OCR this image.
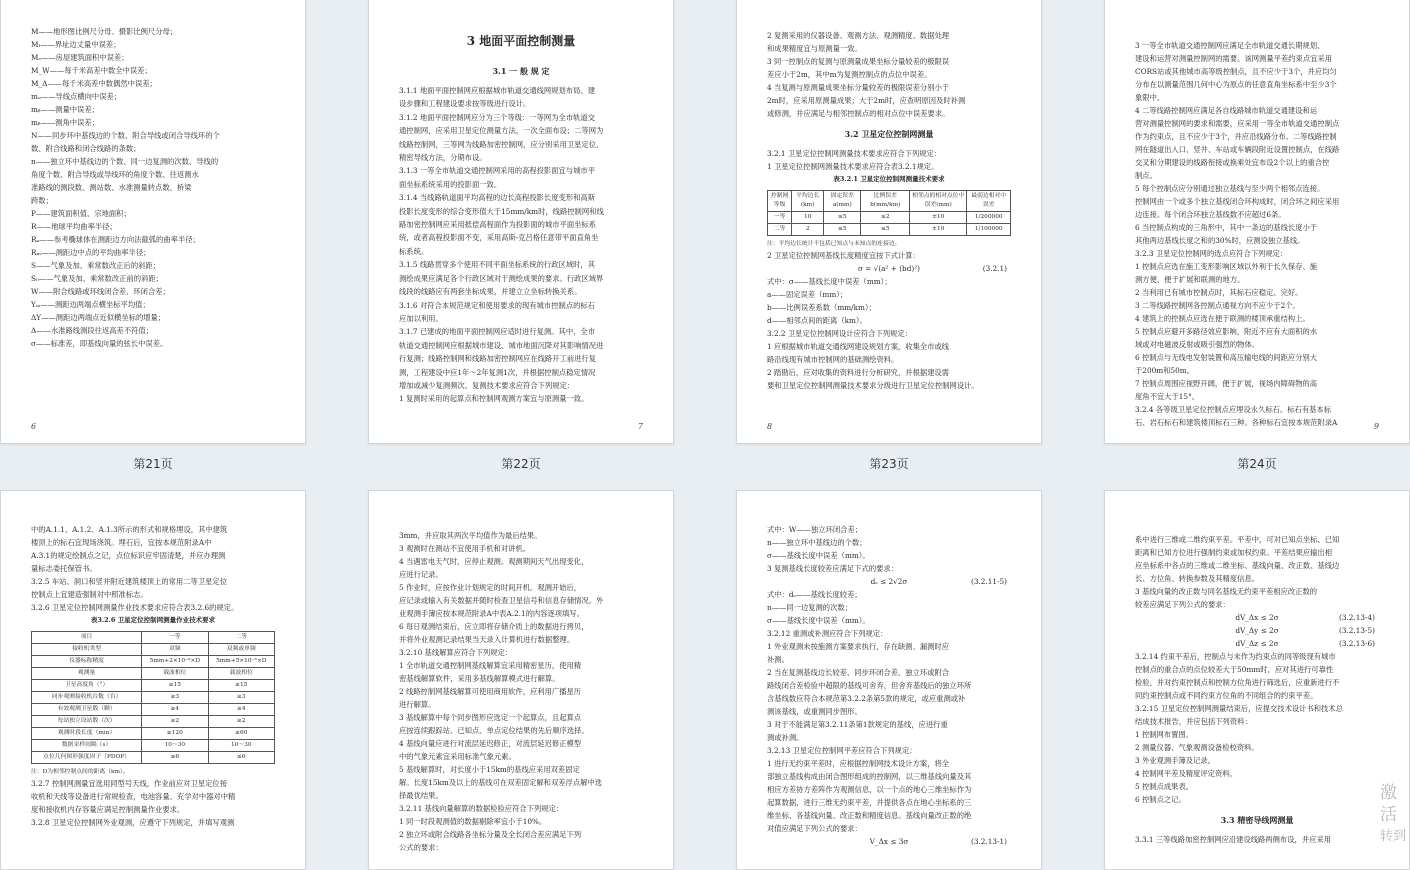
M——地形图比例尺分母、摄影比例尺分母；
Mₗ——界址边丈量中误差；
Mₛ——房屋建筑面积中误差；
M_W——每千米高差中数全中误差；
M_Δ——每千米高差中数偶然中误差；
mᵤ——导线点横向中误差；
mᵦ——测量中误差；
mᵦ——测角中误差；
N——同步环中基线边的个数、附合导线或闭合导线环的个
数、附合线路和闭合线路的条数；
n——独立环中基线边的个数、同一边复测的次数、导线的
角度个数、附合导线或导线环的角度个数、往返测水
准路线的测段数、测站数、水准测量转点数、桥梁
跨数；
P——建筑面积值、宗地面积；
R——地球平均曲率半径；
Rₐ——参考椭球体在测距边方向法截弧的曲率半径；
Rₘ——测距边中点的平均曲率半径；
S——气象及加、乘常数改正后的斜距；
S₀——气象及加、乘常数改正前的斜距；
W——附合线路或环线闭合差、环闭合差；
Yₘ——测距边两端点横坐标平均值；
ΔY——测距边两端点近似横坐标的增量；
Δ——水准路线测段往返高差不符值；
σ——标准差，即基线向量的弦长中误差。
6
第21页
3 地面平面控制测量
3.1 一 般 规 定
3.1.1 地面平面控制网应根据城市轨道交通线网规划布局、建
设步骤和工程建设要求按等级进行设计。
3.1.2 地面平面控制网应分为三个等级：一等网为全市轨道交
通控制网，应采用卫星定位测量方法，一次全面布设；二等网为
线路控制网，三等网为线路加密控制网，应分别采用卫星定位、
精密导线方法，分期布设。
3.1.3 一等全市轨道交通控制网采用的高程投影面宜与城市平
面坐标系统采用的投影面一致。
3.1.4 当线路轨道面平均高程的边长高程投影长度变形和高斯
投影长度变形的综合变形值大于15mm/km时，线路控制网和线
路加密控制网应采用抵偿高程面作为投影面的城市平面坐标系
统，或者高程投影面不变，采用高斯-克吕格任意带平面直角坐
标系统。
3.1.5 线路贯穿多个使用不同平面坐标系统的行政区域时，其
测绘成果应满足各个行政区域对于测绘成果的要求。行政区域界
线段的线路应有两套坐标成果，并建立立坐标转换关系。
3.1.6 对符合本规范规定和使用要求的现有城市控制点的标石
应加以利用。
3.1.7 已建成的地面平面控制网应适时进行复测。其中，全市
轨道交通控制网应根据城市建设、城市地面沉降对其影响情况进
行复测；线路控制网和线路加密控制网应在线路开工前进行复
测，工程建设中应1年～2年复测1次，并根据控制点稳定情况
增加或减少复测频次。复测技术要求应符合下列规定：
1 复测时采用的起算点和控制网观测方案宜与原测量一致。
7
第22页
2 复测采用的仪器设备、观测方法、观测精度、数据处理
和成果精度宜与原测量一致。
3 同一控制点的复测与原测量成果坐标分量较差的极限误
差应小于2m，其中m为复测控制点的点位中误差。
4 当复测与原测量成果坐标分量较差的极限误差分别小于
2m时，应采用原测量成果；大于2m时，应查明原因及时补测
或修测，并应满足与相邻控制点的相对点位中误差要求。
3.2 卫星定位控制网测量
3.2.1 卫星定位控制网测量技术要求应符合下列规定：
1 卫星定位控制网测量技术要求应符合表3.2.1规定。
表3.2.1 卫星定位控制网测量技术要求
控制网等级	平均边长(km)	固定误差a(mm)	比例误差b(mm/km)	相邻点的相对点位中误差(mm)	最弱边相对中误差
一等	10	≤5	≤2	±10	1/200000
二等	2	≤5	≤5	±10	1/100000
注：平均边长统计不包括已知点与未知点的连接边。
2 卫星定位控制网基线长度精度宜按下式计算：
σ = √(a² + (bd)²)	(3.2.1)
式中：σ——基线长度中误差（mm）；
a——固定误差（mm）；
b——比例误差系数（mm/km）；
d——相邻点间的距离（km）。
3.2.2 卫星定位控制网设计应符合下列规定：
1 应根据城市轨道交通线网建设规划方案，收集全市或线
路沿线现有城市控制网的基础测绘资料。
2 踏勘后，应对收集的资料进行分析研究，并根据建设需
要和卫星定位控制网测量技术要求分级进行卫星定位控制网设计。
8
第23页
3 一等全市轨道交通控制网应满足全市轨道交通长期规划、
建设和运营对测量控制网的需要。该网测量平差约束点宜采用
CORS站或其他城市高等级控制点，且不应少于3个，并应均匀
分布在以测量范围几何中心为原点的任意直角坐标系中至少3个
象限中。
4 二等线路控制网应满足各自线路城市轨道交通建设和运
营对测量控制网的要求和需要，应采用一等全市轨道交通控制点
作为约束点，且不应少于3个，并应沿线路分布。二等线路控制
网在隧道出入口、竖井、车站或车辆段附近设置控制点，在线路
交叉和分期建设的线路衔接或换乘处宜布设2个以上的重合控
制点。
5 每个控制点应分别通过独立基线与至少两个相邻点连接。
控制网由一个或多个独立基线闭合环构成时，闭合环之间应采用
边连接。每个闭合环独立基线数不应超过6条。
6 当控制点构成的三角形中，其中一条边的基线长度小于
其他两边基线长度之和的30%时，应测设独立基线。
3.2.3 卫星定位控制网的选点应符合下列规定：
1 控制点应选在施工变形影响区域以外利于长久保存、施
测方便、便于扩展和联测的地方。
2 当利用已有城市控制点时，其标石应稳定、完好。
3 二等线路控制网各控制点通视方向不应少于2个。
4 建筑上的控制点应选在便于联测的楼顶承重结构上。
5 控制点应避开多路径效应影响，附近不应有大面积的水
域或对电磁波反射或吸引强烈的物体。
6 控制点与无线电发射装置和高压输电线的间距应分别大
于200m和50m。
7 控制点周围应视野开阔，便于扩展，视场内障碍物的高
度角不宜大于15°。
3.2.4 各等级卫星定位控制点应埋设永久标石。标石有基本标
石、岩石标石和建筑楼顶标石三种。各种标石宜按本规范附录A	9
第24页
中的A.1.1、A.1.2、A.1.3所示的形式和规格埋设，其中建筑
楼顶上的标石宜现场浇筑。埋石后，宜按本规范附录A中
A.3.1的规定绘制点之记，点位标识应牢固清楚，并应办理测
量标志委托保管书。
3.2.5 车站、洞口和竖井附近建筑楼顶上的常用二等卫星定位
控制点上宜建造强制对中照准标志。
3.2.6 卫星定位控制网测量作业技术要求应符合表3.2.6的规定。
表3.2.6 卫星定位控制网测量作业技术要求
项目	一等	二等
接收机类型	双频	双频或单频
仪器标称精度	5mm+2×10⁻⁶×D	5mm+5×10⁻⁶×D
观测量	载波相位	载波相位
卫星高度角（°）	≥15	≥15
同步观测接收机台数（台）	≥3	≥3
有效观测卫星数（颗）	≥4	≥4
每站独立设站数（次）	≥2	≥2
观测时段长度（min）	≥120	≥60
数据采样间隔（s）	10～30	10～30
点位几何图形强度因子（PDOP）	≤6	≤6
注：D为相邻控制点间的距离（km）。
3.2.7 控制网测量宜选用同型号天线，作业前应对卫星定位接
收机和天线等设备进行常规检查，电池容量、充学对中器对中精
度和接收机内存容量应满足控制测量作业要求。
3.2.8 卫星定位控制网外业观测，应遵守下列规定，并填写观测
3mm，并应取其两次平均值作为最后结果。
3 观测时在测站不宜使用手机和对讲机。
4 当遇雷电天气时，应停止观测。观测期间天气出现变化，
应进行记录。
5 作业时，应按作业计划规定的时间开机。观测开始后，
应记录或输入有关数据并随时检查卫星信号和信息存储情况。外
业观测手簿应按本规范附录A中表A.2.1的内容逐项填写。
6 每日观测结束后，应立即将存储介质上的数据进行拷贝，
并将外业观测记录结果当天录入计算机进行数据整理。
3.2.10 基线解算应符合下列规定：
1 全市轨道交通控制网基线解算宜采用精密星历，使用精
密基线解算软件，采用多基线解算模式进行解算。
2 线路控制网基线解算可使用商用软件，应利用广播星历
进行解算。
3 基线解算中每个同步图形应选定一个起算点，且起算点
应按连续跟踪站、已知点、单点定位结果的先后顺序选择。
4 基线向量应进行对流层延迟修正，对流层延迟修正模型
中的气象元素宜采用标准气象元素。
5 基线解算时，对长度小于15km的基线应采用双差固定
解。长度15km及以上的基线可在双差固定解和双差浮点解中选
择最优结果。
3.2.11 基线向量解算的数据检验应符合下列规定：
1 同一时段观测值的数据剔除率宜小于10%。
2 独立环或附合线路各坐标分量及全长闭合差应满足下列
公式的要求：
式中：W——独立环闭合差；
n——独立环中基线边的个数；
σ——基线长度中误差（mm）。
3 复测基线长度较差应满足下式的要求：
dₛ ≤ 2√2σ	(3.2.11-5)
式中：dₛ——基线长度较差；
n——同一边复测的次数；
σ——基线长度中误差（mm）。
3.2.12 重测或补测应符合下列规定：
1 外业观测未按施测方案要求执行，存在缺测、漏测时应
补测。
2 当在复测基线边长较差、同步环闭合差、独立环或附合
路线闭合差检验中超限的基线可舍弃，但舍弃基线后的独立环所
含基线数应符合本规范第3.2.2条第5款的规定，或应重测或补
测该基线，或重测同步图形。
3 对于不能满足第3.2.11条第1款规定的基线，应进行重
测或补测。
3.2.13 卫星定位控制网平差应符合下列规定：
1 进行无约束平差时，应根据控制网技术设计方案，将全
部独立基线构成由闭合图形组成的控制网，以三维基线向量及其
相应方差协方差阵作为观测信息，以一个点的地心三维坐标作为
起算数据，进行三维无约束平差，并提供各点在地心坐标系的三
维坐标、各基线向量、改正数和精度信息。基线向量改正数的绝
对值应满足下列公式的要求：
V_Δx ≤ 3σ	(3.2.13-1)
系中进行三维或二维约束平差。平差中，可对已知点坐标、已知
距离和已知方位进行强制约束或加权约束。平差结果应输出相
应坐标系中各点的三维或二维坐标、基线向量、改正数、基线边
长、方位角、转换参数及其精度信息。
3 基线向量的改正数与同名基线无约束平差相应改正数的
较差应满足下列公式的要求：
dV_Δx ≤ 2σ	(3.2.13-4)
dV_Δy ≤ 2σ	(3.2.13-5)
dV_Δz ≤ 2σ	(3.2.13-6)
3.2.14 约束平差后，控制点与未作为约束点的同等级现有城市
控制点的重合点的点位较差大于50mm时，应对其进行可靠性
检验，并对约束控制点和控制方位角进行筛选后，应重新进行不
同约束控制点或不同约束方位角的不同组合的约束平差。
3.2.15 卫星定位控制网测量结束后，应提交技术设计书和技术总
结成技术报告，并应包括下列资料：
1 控制网布置图。
2 测量仪器、气象观测设备检校资料。
3 外业观测手簿及记录。
4 控制网平差及精度评定资料。
5 控制点成果表。
6 控制点之记。
3.3 精密导线网测量
3.3.1 三等线路加密控制网应沿建设线路两侧布设，并应采用
激活
转到
